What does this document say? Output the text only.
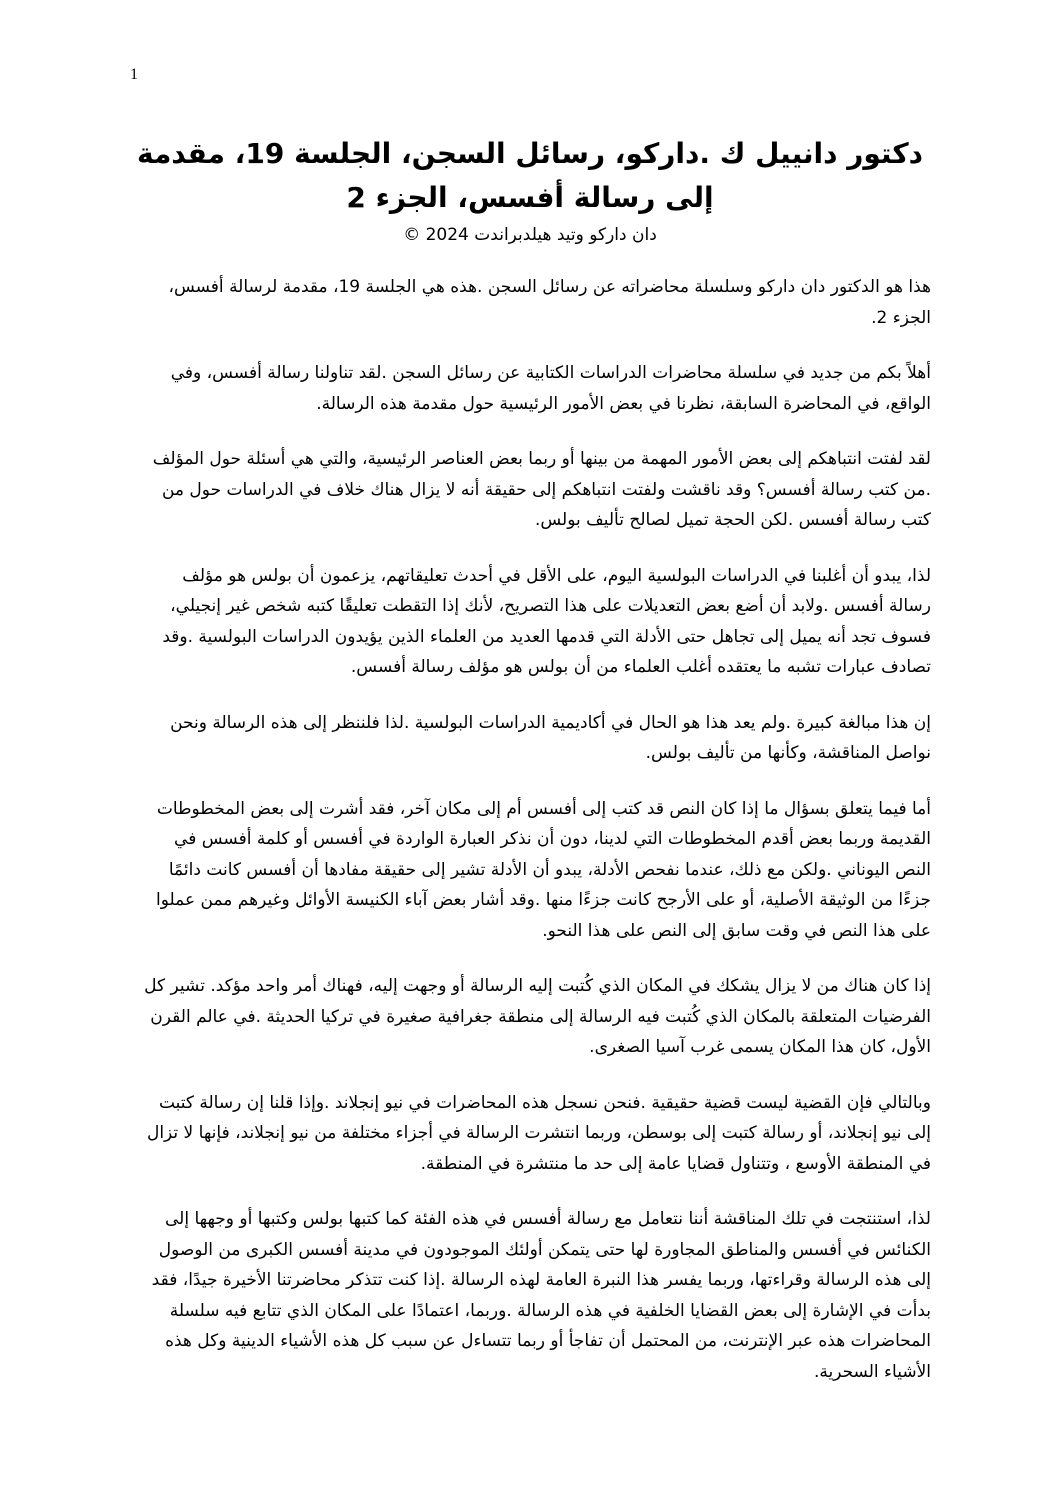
1
دكتور دانييل ك .داركو، رسائل السجن، الجلسة 19، مقدمة إلى رسالة أفسس، الجزء 2
دان داركو وتيد هيلدبراندت 2024 ©

هذا هو الدكتور دان داركو وسلسلة محاضراته عن رسائل السجن .هذه هي الجلسة 19، مقدمة لرسالة أفسس، الجزء 2.

أهلاً بكم من جديد في سلسلة محاضرات الدراسات الكتابية عن رسائل السجن .لقد تناولنا رسالة أفسس، وفي الواقع، في المحاضرة السابقة، نظرنا في بعض الأمور الرئيسية حول مقدمة هذه الرسالة.

لقد لفتت انتباهكم إلى بعض الأمور المهمة من بينها أو ربما بعض العناصر الرئيسية، والتي هي أسئلة حول المؤلف .من كتب رسالة أفسس؟ وقد ناقشت ولفتت انتباهكم إلى حقيقة أنه لا يزال هناك خلاف في الدراسات حول من كتب رسالة أفسس .لكن الحجة تميل لصالح تأليف بولس.

لذا، يبدو أن أغلبنا في الدراسات البولسية اليوم، على الأقل في أحدث تعليقاتهم، يزعمون أن بولس هو مؤلف رسالة أفسس .ولابد أن أضع بعض التعديلات على هذا التصريح، لأنك إذا التقطت تعليقًا كتبه شخص غير إنجيلي، فسوف تجد أنه يميل إلى تجاهل حتى الأدلة التي قدمها العديد من العلماء الذين يؤيدون الدراسات البولسية .وقد تصادف عبارات تشبه ما يعتقده أغلب العلماء من أن بولس هو مؤلف رسالة أفسس.

إن هذا مبالغة كبيرة .ولم يعد هذا هو الحال في أكاديمية الدراسات البولسية .لذا فلننظر إلى هذه الرسالة ونحن نواصل المناقشة، وكأنها من تأليف بولس.

أما فيما يتعلق بسؤال ما إذا كان النص قد كتب إلى أفسس أم إلى مكان آخر، فقد أشرت إلى بعض المخطوطات القديمة وربما بعض أقدم المخطوطات التي لدينا، دون أن نذكر العبارة الواردة في أفسس أو كلمة أفسس في النص اليوناني .ولكن مع ذلك، عندما نفحص الأدلة، يبدو أن الأدلة تشير إلى حقيقة مفادها أن أفسس كانت دائمًا جزءًا من الوثيقة الأصلية، أو على الأرجح كانت جزءًا منها .وقد أشار بعض آباء الكنيسة الأوائل وغيرهم ممن عملوا على هذا النص في وقت سابق إلى النص على هذا النحو.

إذا كان هناك من لا يزال يشكك في المكان الذي كُتبت إليه الرسالة أو وجهت إليه، فهناك أمر واحد مؤكد. تشير كل الفرضيات المتعلقة بالمكان الذي كُتبت فيه الرسالة إلى منطقة جغرافية صغيرة في تركيا الحديثة .في عالم القرن الأول، كان هذا المكان يسمى غرب آسيا الصغرى.

وبالتالي فإن القضية ليست قضية حقيقية .فنحن نسجل هذه المحاضرات في نيو إنجلاند .وإذا قلنا إن رسالة كتبت إلى نيو إنجلاند، أو رسالة كتبت إلى بوسطن، وربما انتشرت الرسالة في أجزاء مختلفة من نيو إنجلاند، فإنها لا تزال في المنطقة الأوسع ، وتتناول قضايا عامة إلى حد ما منتشرة في المنطقة.

لذا، استنتجت في تلك المناقشة أننا نتعامل مع رسالة أفسس في هذه الفئة كما كتبها بولس وكتبها أو وجهها إلى الكنائس في أفسس والمناطق المجاورة لها حتى يتمكن أولئك الموجودون في مدينة أفسس الكبرى من الوصول إلى هذه الرسالة وقراءتها، وربما يفسر هذا النبرة العامة لهذه الرسالة .إذا كنت تتذكر محاضرتنا الأخيرة جيدًا، فقد بدأت في الإشارة إلى بعض القضايا الخلفية في هذه الرسالة .وربما، اعتمادًا على المكان الذي تتابع فيه سلسلة المحاضرات هذه عبر الإنترنت، من المحتمل أن تفاجأ أو ربما تتساءل عن سبب كل هذه الأشياء الدينية وكل هذه الأشياء السحرية.
